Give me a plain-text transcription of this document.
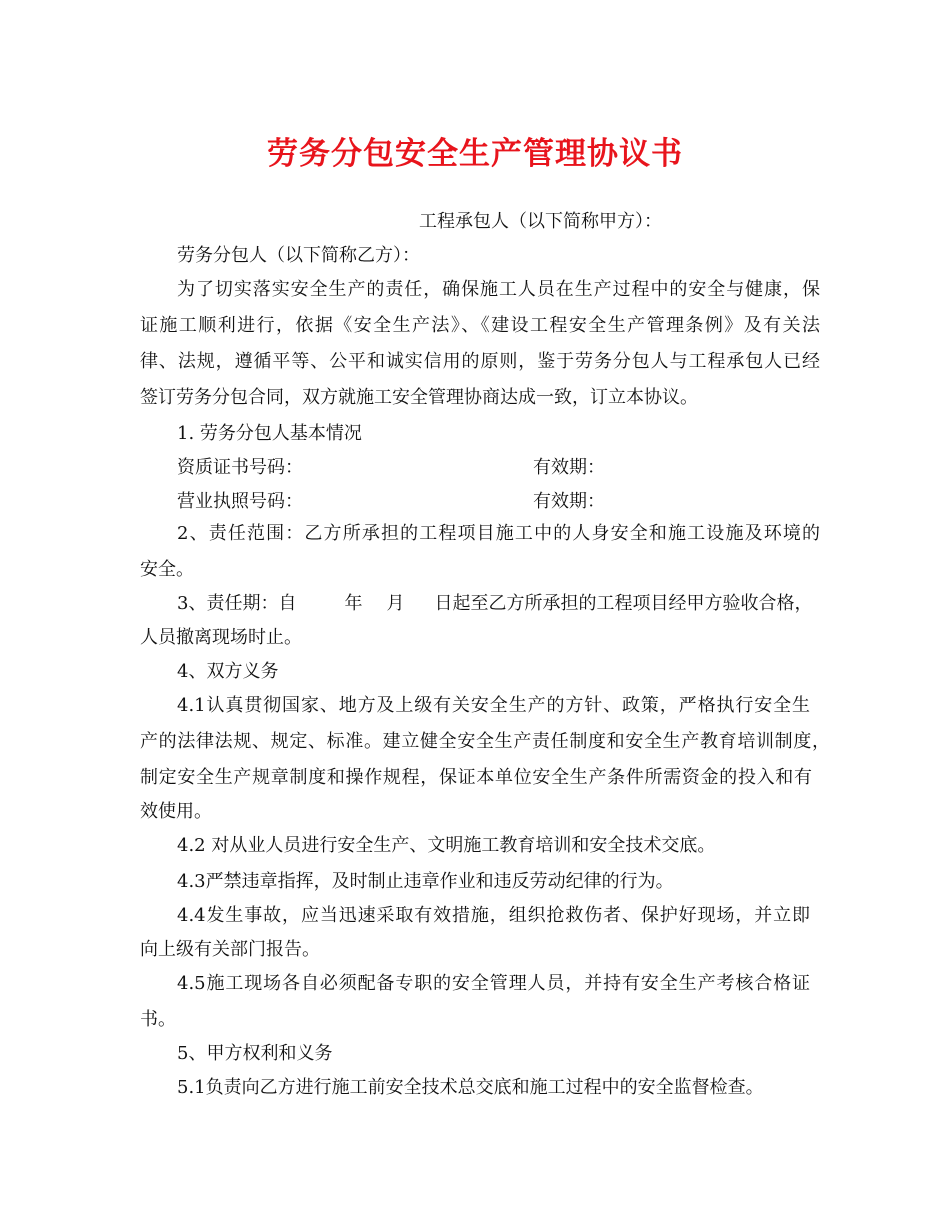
劳务分包安全生产管理协议书

工程承包人（以下简称甲方）：

劳务分包人（以下简称乙方）：

为了切实落实安全生产的责任，确保施工人员在生产过程中的安全与健康，保

证施工顺利进行，依据《安全生产法》、《建设工程安全生产管理条例》及有关法

律、法规，遵循平等、公平和诚实信用的原则，鉴于劳务分包人与工程承包人已经

签订劳务分包合同，双方就施工安全管理协商达成一致，订立本协议。

1. 劳务分包人基本情况

资质证书号码：	有效期：

营业执照号码：	有效期：

2、责任范围：乙方所承担的工程项目施工中的人身安全和施工设施及环境的

安全。

3、责任期：自	年 月 日起至乙方所承担的工程项目经甲方验收合格，

人员撤离现场时止。

4、双方义务

4.1认真贯彻国家、地方及上级有关安全生产的方针、政策，严格执行安全生

产的法律法规、规定、标准。建立健全安全生产责任制度和安全生产教育培训制度，

制定安全生产规章制度和操作规程，保证本单位安全生产条件所需资金的投入和有

效使用。

4.2 对从业人员进行安全生产、文明施工教育培训和安全技术交底。

4.3严禁违章指挥，及时制止违章作业和违反劳动纪律的行为。

4.4发生事故，应当迅速采取有效措施，组织抢救伤者、保护好现场，并立即

向上级有关部门报告。

4.5施工现场各自必须配备专职的安全管理人员，并持有安全生产考核合格证

书。

5、甲方权利和义务

5.1负责向乙方进行施工前安全技术总交底和施工过程中的安全监督检查。
